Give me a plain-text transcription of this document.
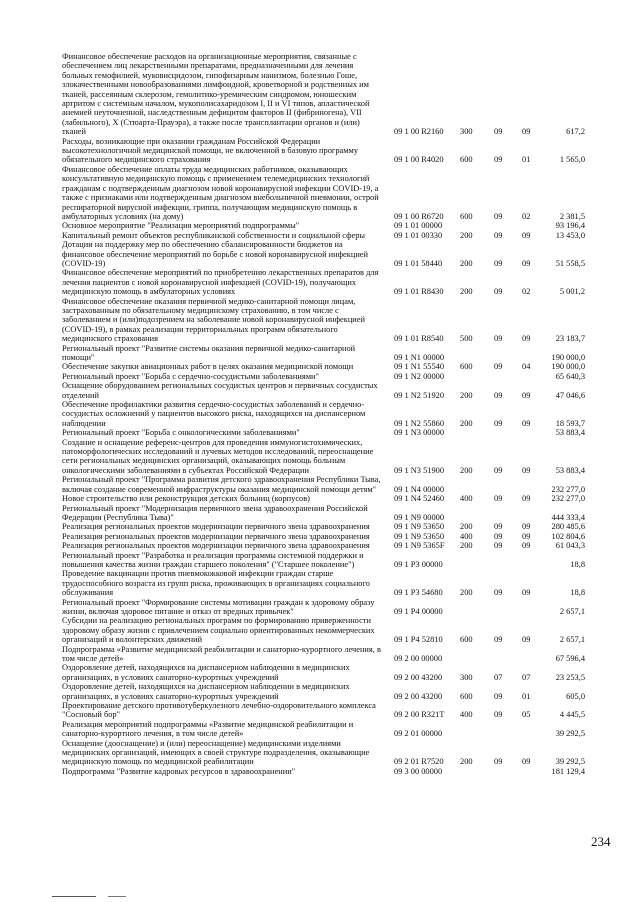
Финансовое обеспечение расходов на организационные мероприятия, связанные с обеспечением лиц лекарственными препаратами, предназначенными для лечения больных гемофилией, муковисцидозом, гипофизарным нанизмом, болезнью Гоше, злокачественными новообразованиями лимфоидной, кроветворной и родственных им тканей, рассеянным склерозом, гемолитико-уремическим синдромом, юношеским артритом с системным началом, мукополисахаридозом I, II и VI типов, апластической анемией неуточненной, наследственным дефицитом факторов II (фибриногена), VII (лабильного), X (Стюарта-Прауэра), а также после трансплантации органов и (или) тканей	09 1 00 R2160 300	09 09	617,2
Расходы, возникающие при оказании гражданам Российской Федерации высокотехнологичной медицинской помощи, не включенной в базовую программу обязательного медицинского страхования	09 1 00 R4020 600	09 01	1 565,0
Финансовое обеспечение оплаты труда медицинских работников, оказывающих консультативную медицинскую помощь с применением телемедицинских технологий гражданам с подтвержденным диагнозом новой коронавирусной инфекции COVID-19, а также с признаками или подтвержденным диагнозом внебольничной пневмонии, острой респираторной вирусной инфекции, гриппа, получающим медицинскую помощь в амбулаторных условиях (на дому)	09 1 00 R6720 600	09 02	2 381,5
Основное мероприятие "Реализация мероприятий подпрограммы"	09 1 01 00000	93 196,4
Капитальный ремонт объектов республиканской собственности и социальной сферы	09 1 01 00330 200	09 09	13 453,0
Дотации на поддержку мер по обеспечению сбалансированности бюджетов на финансовое обеспечение мероприятий по борьбе с новой коронавирусной инфекцией (COVID-19)	09 1 01 58440 200	09 09	51 558,5
Финансовое обеспечение мероприятий по приобретению лекарственных препаратов для лечения пациентов с новой коронавирусной инфекцией (COVID-19), получающих медицинскую помощь в амбулаторных условиях	09 1 01 R8430 200	09 02	5 001,2
Финансовое обеспечение оказания первичной медико-санитарной помощи лицам, застрахованным по обязательному медицинскому страхованию, в том числе с заболеванием и (или)подозрением на заболевание новой коронавирусной инфекцией (COVID-19), в рамках реализации территориальных программ обязательного медицинского страхования	09 1 01 R8540 500	09 09	23 183,7
Региональный проект "Развитие системы оказания первичной медико-санитарной помощи"	09 1 N1 00000	190 000,0
Обеспечение закупки авиационных работ в целях оказания медицинской помощи	09 1 N1 55540 600	09 04	190 000,0
Региональный проект "Борьба с сердечно-сосудистыми заболеваниями"	09 1 N2 00000	65 640,3
Оснащение оборудованием региональных сосудистых центров и первичных сосудистых отделений	09 1 N2 51920 200	09 09	47 046,6
Обеспечение профилактики развития сердечно-сосудистых заболеваний и сердечно-сосудистых осложнений у пациентов высокого риска, находящихся на диспансерном наблюдении	09 1 N2 55860 200	09 09	18 593,7
Региональный проект "Борьба с онкологическими заболеваниями"	09 1 N3 00000	53 883,4
Создание и оснащение референс-центров для проведения иммуногистохимических, патоморфологических исследований и лучевых методов исследований, переоснащение сети региональных медицинских организаций, оказывающих помощь больным онкологическими заболеваниями в субъектах Российской Федерации	09 1 N3 51900 200	09 09	53 883,4
Региональный проект "Программа развития детского здравоохранения Республики Тыва, включая создание современной инфраструктуры оказания медицинской помощи детям"	09 1 N4 00000	232 277,0
Новое строительство или реконструкция детских больниц (корпусов)	09 1 N4 52460 400	09 09	232 277,0
Региональный проект "Модернизация первичного звена здравоохранения Российской Федерации (Республика Тыва)"	09 1 N9 00000	444 333,4
Реализация региональных проектов модернизации первичного звена здравоохранения	09 1 N9 53650 200	09 09	280 485,6
Реализация региональных проектов модернизации первичного звена здравоохранения	09 1 N9 53650 400	09 09	102 804,6
Реализация региональных проектов модернизации первичного звена здравоохранения	09 1 N9 5365F 200	09 09	61 043,3
Региональный проект "Разработка и реализация программы системной поддержки и повышения качества жизни граждан старшего поколения" ("Старшее поколение")	09 1 P3 00000	18,8
Проведение вакцинации против пневмококковой инфекции граждан старше трудоспособного возраста из групп риска, проживающих в организациях социального обслуживания	09 1 P3 54680 200	09 09	18,8
Региональный проект "Формирование системы мотивации граждан к здоровому образу жизни, включая здоровое питание и отказ от вредных привычек"	09 1 P4 00000	2 657,1
Субсидии на реализацию региональных программ по формированию приверженности здоровому образу жизни с привлечением социально ориентированных некоммерческих организаций и волонтерских движений	09 1 P4 52810 600	09 09	2 657,1
Подпрограмма «Развитие медицинской реабилитации и санаторно-курортного лечения, в том числе детей»	09 2 00 00000	67 596,4
Оздоровление детей, находящихся на диспансерном наблюдении в медицинских организациях, в условиях санаторно-курортных учреждений	09 2 00 43200 300	07 07	23 253,5
Оздоровление детей, находящихся на диспансерном наблюдении в медицинских организациях, в условиях санаторно-курортных учреждений	09 2 00 43200 600	09 01	605,0
Проектирование детского противотуберкулезного лечебно-оздоровительного комплекса "Сосновый бор"	09 2 00 R321T 400	09 05	4 445,5
Реализация мероприятий подпрограммы «Развитие медицинской реабилитации и санаторно-курортного лечения, в том числе детей»	09 2 01 00000	39 292,5
Оснащение (дооснащение) и (или) переоснащение) медицинскими изделиями медицинских организаций, имеющих в своей структуре подразделения, оказывающие медицинскую помощь по медицинской реабилитации	09 2 01 R7520 200	09 09	39 292,5
Подпрограмма "Развитие кадровых ресурсов в здравоохранении"	09 3 00 00000	181 129,4
234
